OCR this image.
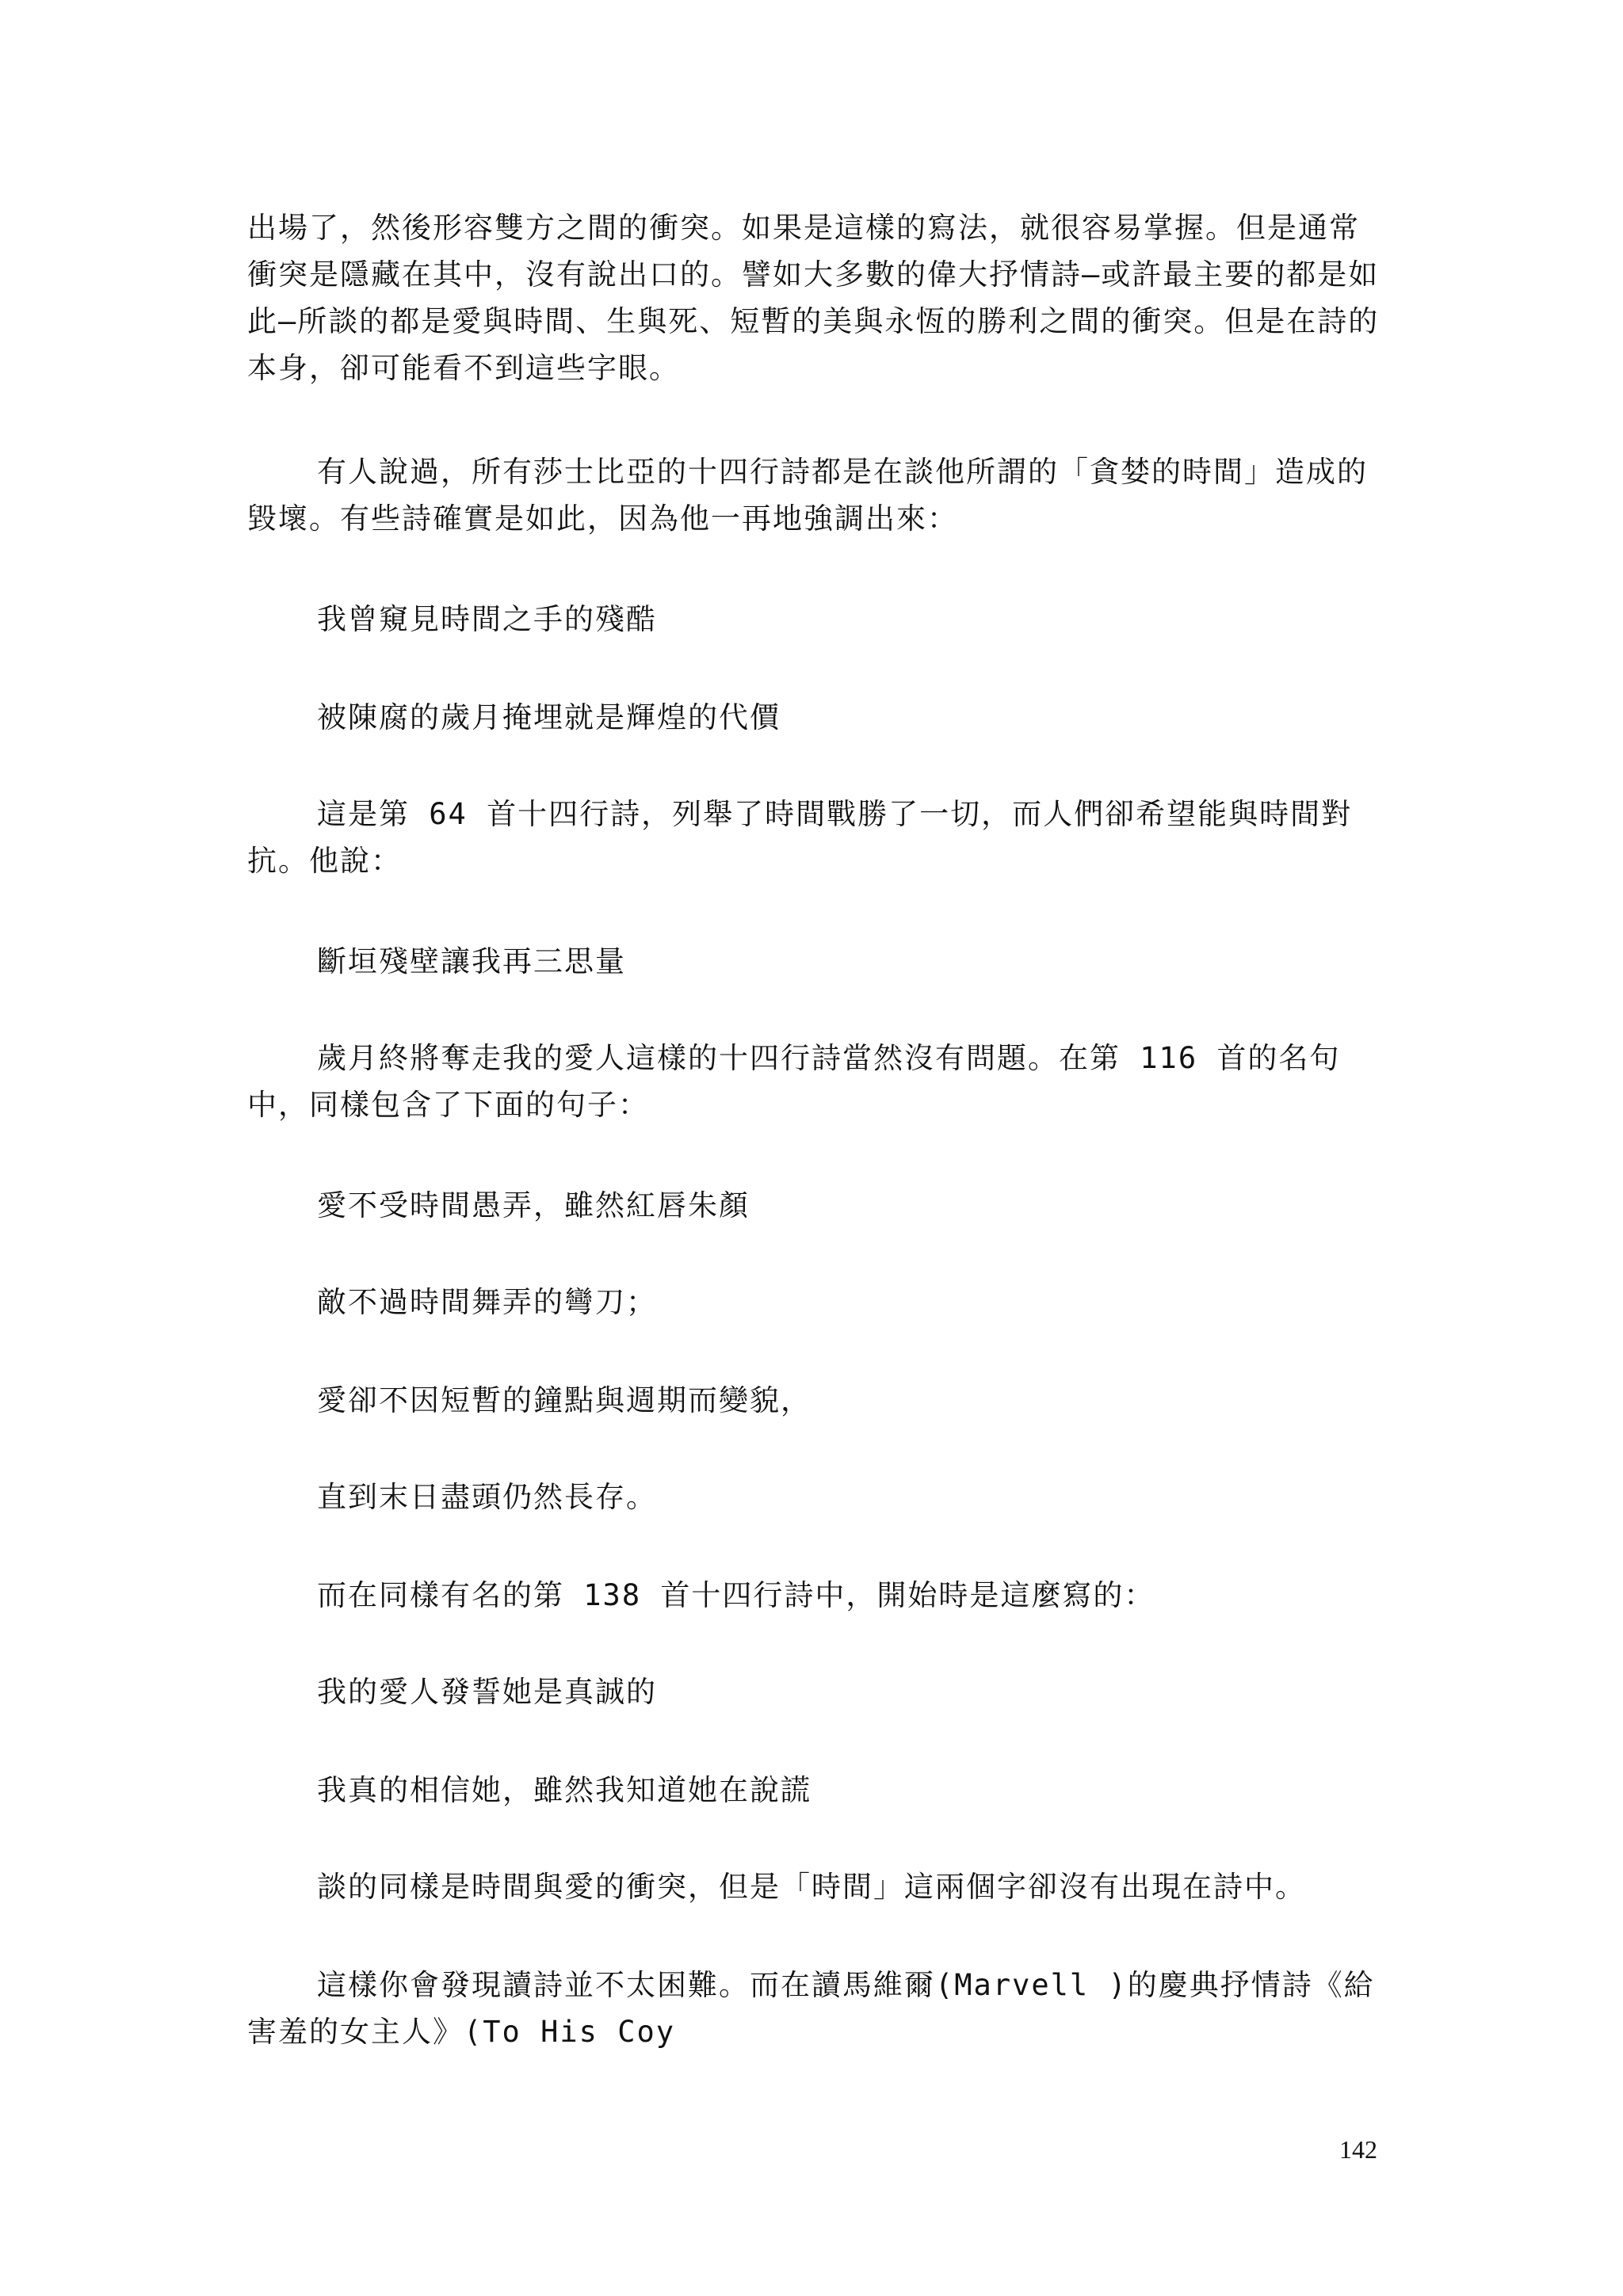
出場了，然後形容雙方之間的衝突。如果是這樣的寫法，就很容易掌握。但是通常衝突是隱藏在其中，沒有說出口的。譬如大多數的偉大抒情詩—或許最主要的都是如此—所談的都是愛與時間、生與死、短暫的美與永恆的勝利之間的衝突。但是在詩的本身，卻可能看不到這些字眼。
有人說過，所有莎士比亞的十四行詩都是在談他所謂的「貪婪的時間」造成的毀壞。有些詩確實是如此，因為他一再地強調出來：
我曾窺見時間之手的殘酷
被陳腐的歲月掩埋就是輝煌的代價
這是第 64 首十四行詩，列舉了時間戰勝了一切，而人們卻希望能與時間對抗。他說：
斷垣殘壁讓我再三思量
歲月終將奪走我的愛人這樣的十四行詩當然沒有問題。在第 116 首的名句中，同樣包含了下面的句子：
愛不受時間愚弄，雖然紅唇朱顏
敵不過時間舞弄的彎刀；
愛卻不因短暫的鐘點與週期而變貌，
直到末日盡頭仍然長存。
而在同樣有名的第 138 首十四行詩中，開始時是這麼寫的：
我的愛人發誓她是真誠的
我真的相信她，雖然我知道她在說謊
談的同樣是時間與愛的衝突，但是「時間」這兩個字卻沒有出現在詩中。
這樣你會發現讀詩並不太困難。而在讀馬維爾(Marvell )的慶典抒情詩《給害羞的女主人》(To His Coy
142
